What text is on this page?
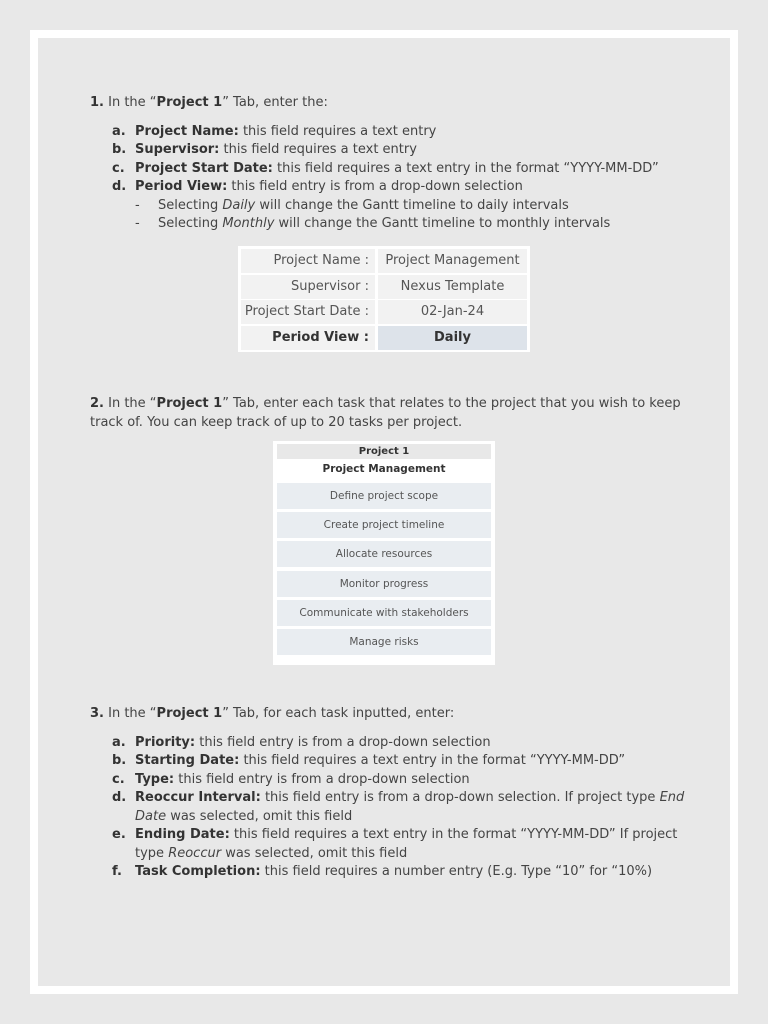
1. In the “Project 1” Tab, enter the:

a. Project Name: this field requires a text entry
b. Supervisor: this field requires a text entry
c. Project Start Date: this field requires a text entry in the format “YYYY-MM-DD”
d. Period View: this field entry is from a drop-down selection
- Selecting Daily will change the Gantt timeline to daily intervals
- Selecting Monthly will change the Gantt timeline to monthly intervals

2. In the “Project 1” Tab, enter each task that relates to the project that you wish to keep track of. You can keep track of up to 20 tasks per project.

3. In the “Project 1” Tab, for each task inputted, enter:

a. Priority: this field entry is from a drop-down selection
b. Starting Date: this field requires a text entry in the format “YYYY-MM-DD”
c. Type: this field entry is from a drop-down selection
d. Reoccur Interval: this field entry is from a drop-down selection. If project type End Date was selected, omit this field
e. Ending Date: this field requires a text entry in the format “YYYY-MM-DD” If project type Reoccur was selected, omit this field
f. Task Completion: this field requires a number entry (E.g. Type “10” for “10%)
Project Name :	Project Management
Supervisor :	Nexus Template
Project Start Date :	02-Jan-24
Period View :	Daily
Project 1
Project Management
Define project scope
Create project timeline
Allocate resources
Monitor progress
Communicate with stakeholders
Manage risks
